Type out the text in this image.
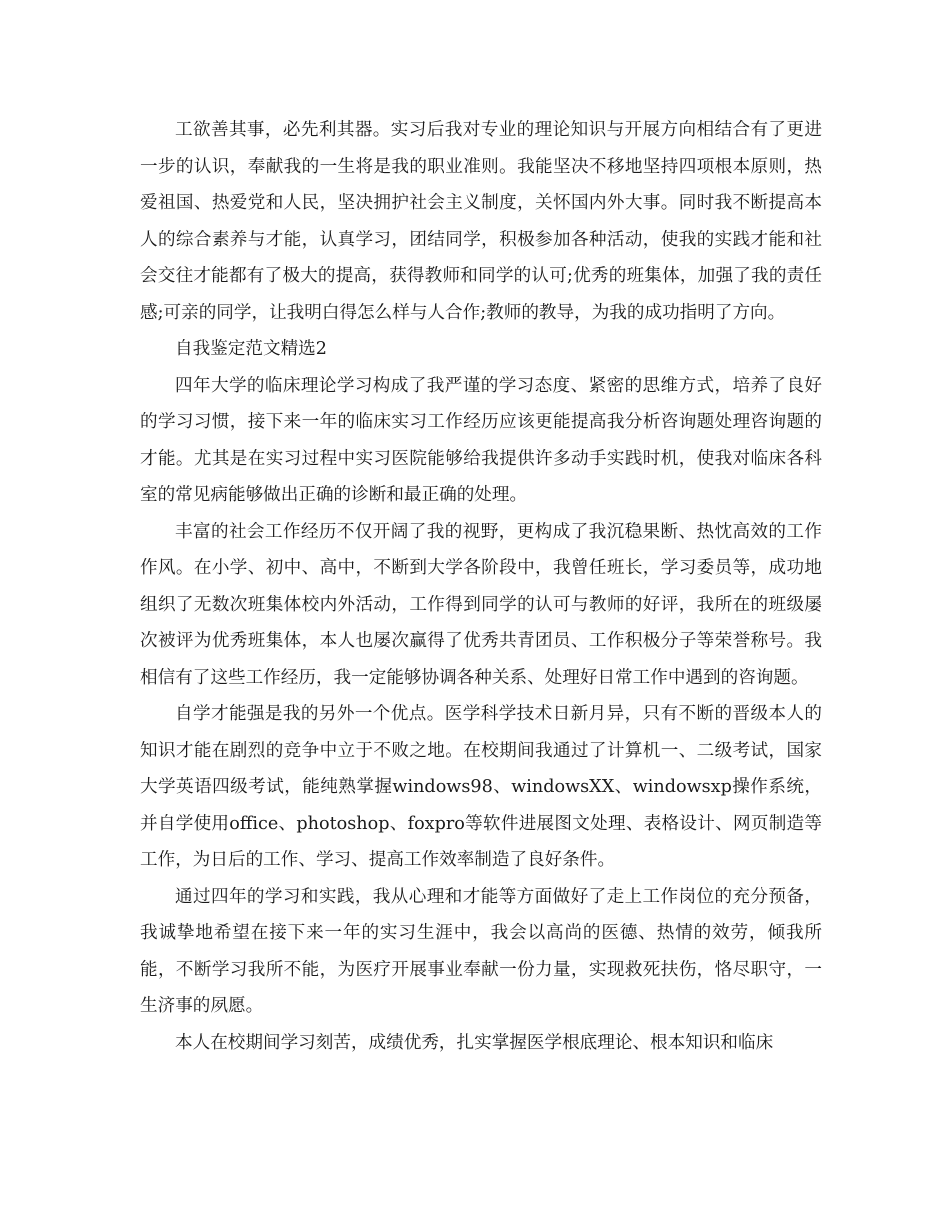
工欲善其事，必先利其器。实习后我对专业的理论知识与开展方向相结合有了更进一步的认识，奉献我的一生将是我的职业准则。我能坚决不移地坚持四项根本原则，热爱祖国、热爱党和人民，坚决拥护社会主义制度，关怀国内外大事。同时我不断提高本人的综合素养与才能，认真学习，团结同学，积极参加各种活动，使我的实践才能和社会交往才能都有了极大的提高，获得教师和同学的认可;优秀的班集体，加强了我的责任感;可亲的同学，让我明白得怎么样与人合作;教师的教导，为我的成功指明了方向。

自我鉴定范文精选2

四年大学的临床理论学习构成了我严谨的学习态度、紧密的思维方式，培养了良好的学习习惯，接下来一年的临床实习工作经历应该更能提高我分析咨询题处理咨询题的才能。尤其是在实习过程中实习医院能够给我提供许多动手实践时机，使我对临床各科室的常见病能够做出正确的诊断和最正确的处理。

丰富的社会工作经历不仅开阔了我的视野，更构成了我沉稳果断、热忱高效的工作作风。在小学、初中、高中，不断到大学各阶段中，我曾任班长，学习委员等，成功地组织了无数次班集体校内外活动，工作得到同学的认可与教师的好评，我所在的班级屡次被评为优秀班集体，本人也屡次赢得了优秀共青团员、工作积极分子等荣誉称号。我相信有了这些工作经历，我一定能够协调各种关系、处理好日常工作中遇到的咨询题。

自学才能强是我的另外一个优点。医学科学技术日新月异，只有不断的晋级本人的知识才能在剧烈的竞争中立于不败之地。在校期间我通过了计算机一、二级考试，国家大学英语四级考试，能纯熟掌握windows98、windowsXX、windowsxp操作系统，并自学使用office、photoshop、foxpro等软件进展图文处理、表格设计、网页制造等工作，为日后的工作、学习、提高工作效率制造了良好条件。

通过四年的学习和实践，我从心理和才能等方面做好了走上工作岗位的充分预备，我诚挚地希望在接下来一年的实习生涯中，我会以高尚的医德、热情的效劳，倾我所能，不断学习我所不能，为医疗开展事业奉献一份力量，实现救死扶伤，恪尽职守，一生济事的夙愿。

本人在校期间学习刻苦，成绩优秀，扎实掌握医学根底理论、根本知识和临床
